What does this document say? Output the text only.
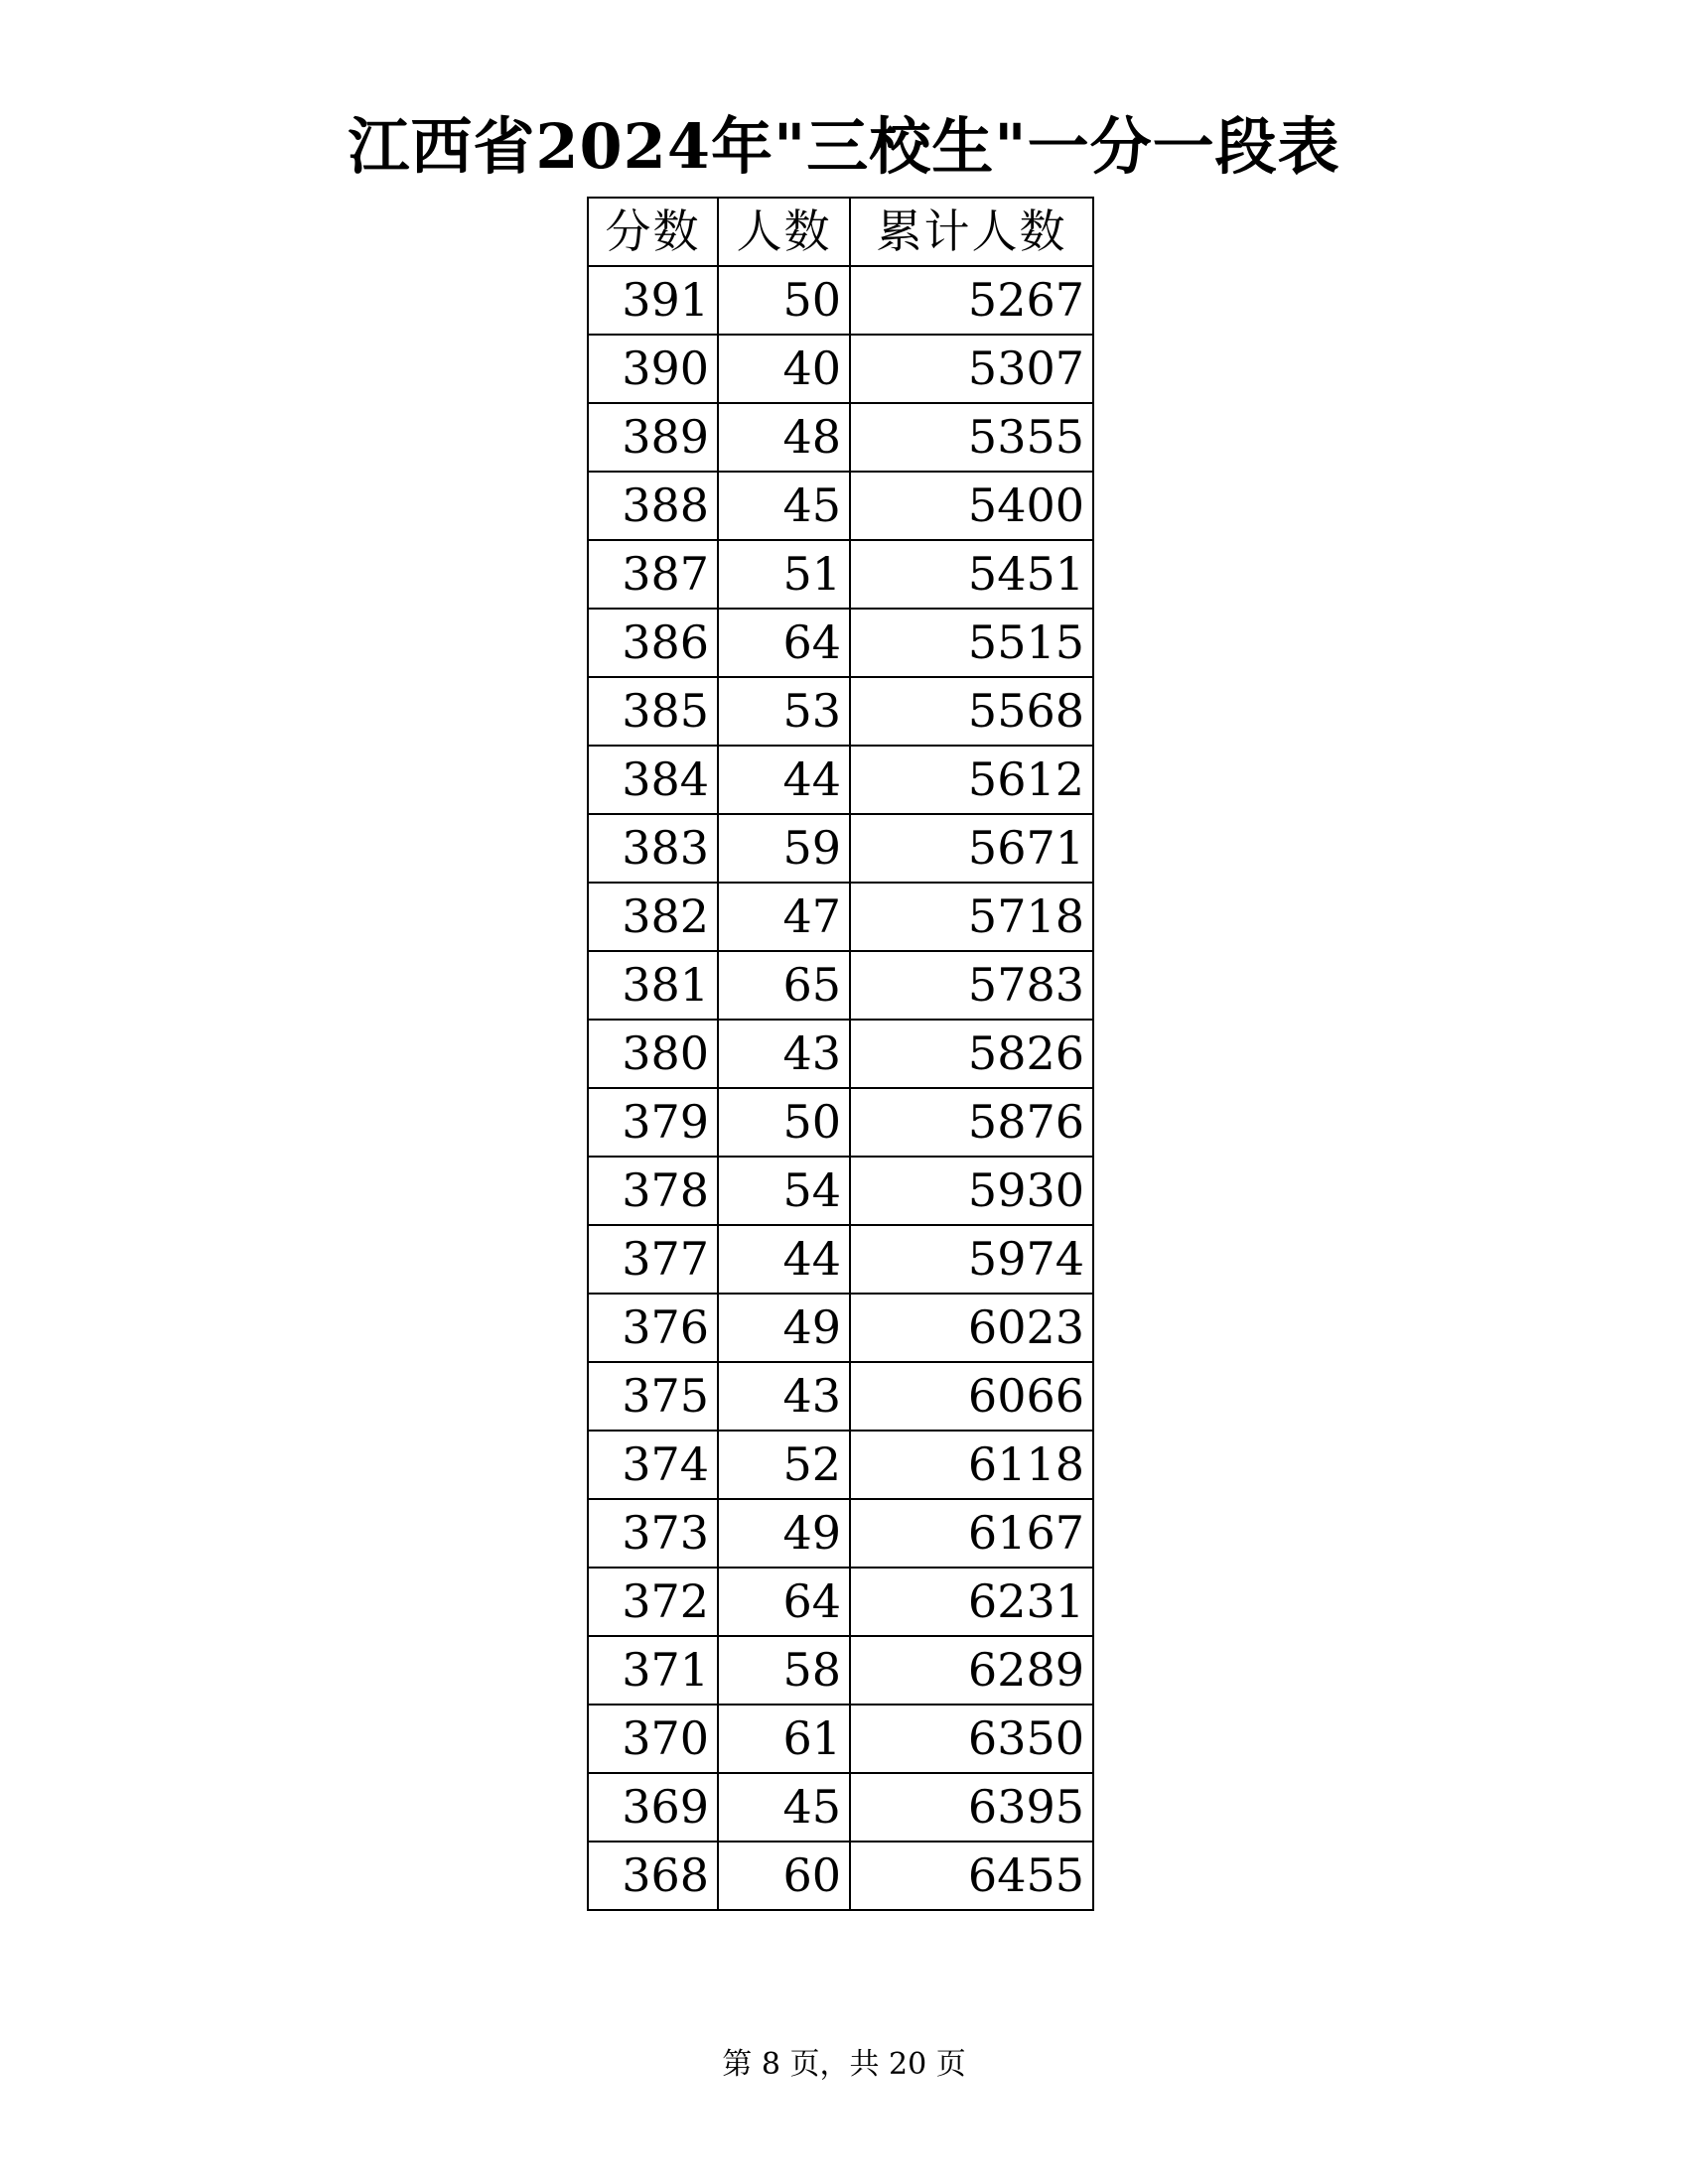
江西省2024年"三校生"一分一段表
分数	人数	累计人数
391	50	5267
390	40	5307
389	48	5355
388	45	5400
387	51	5451
386	64	5515
385	53	5568
384	44	5612
383	59	5671
382	47	5718
381	65	5783
380	43	5826
379	50	5876
378	54	5930
377	44	5974
376	49	6023
375	43	6066
374	52	6118
373	49	6167
372	64	6231
371	58	6289
370	61	6350
369	45	6395
368	60	6455
第 8 页，共 20 页
